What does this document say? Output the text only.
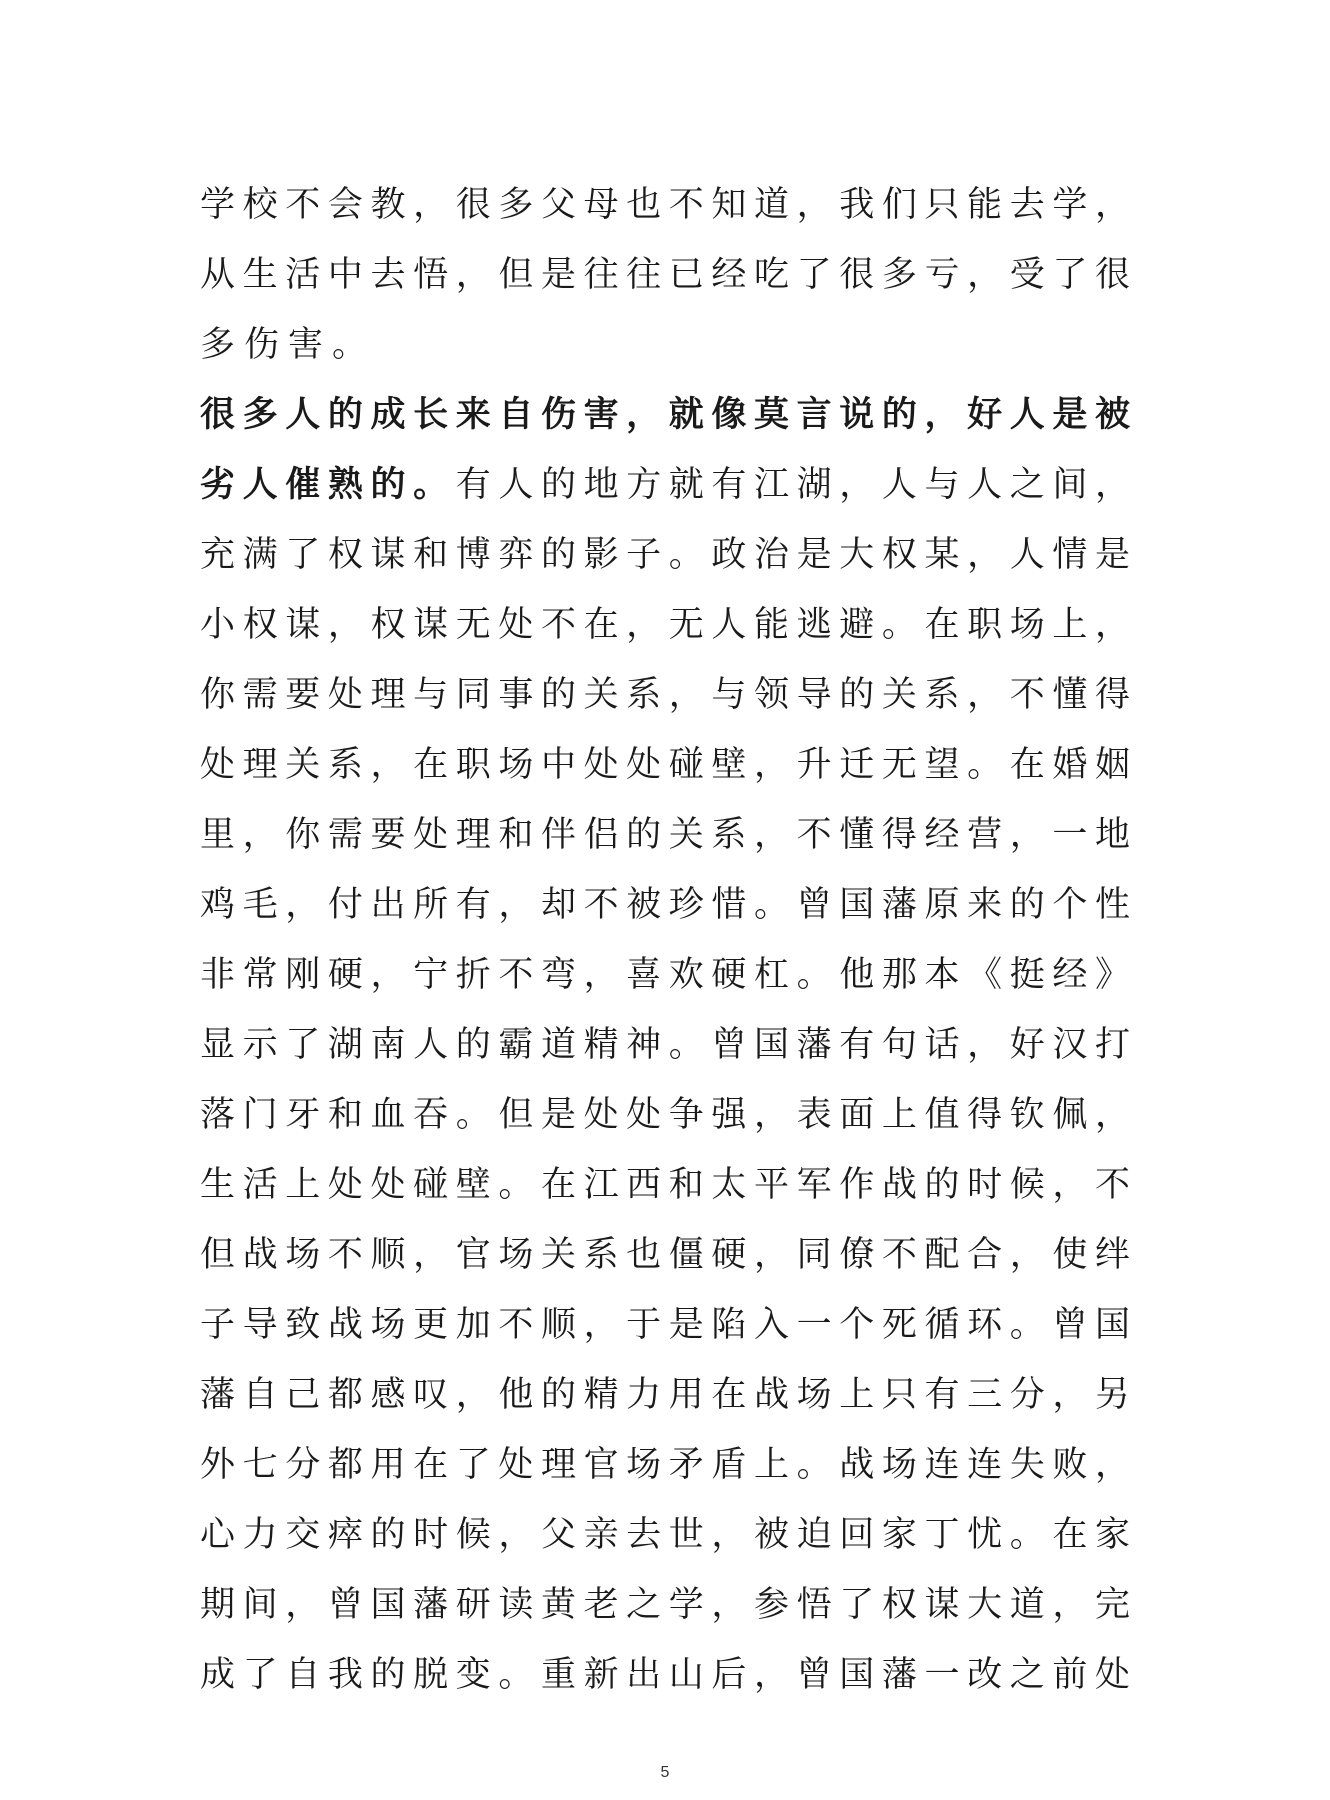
学校不会教，很多父母也不知道，我们只能去学，
从生活中去悟，但是往往已经吃了很多亏，受了很
多伤害。
很多人的成长来自伤害，就像莫言说的，好人是被
劣人催熟的。有人的地方就有江湖，人与人之间，
充满了权谋和博弈的影子。政治是大权某，人情是
小权谋，权谋无处不在，无人能逃避。在职场上，
你需要处理与同事的关系，与领导的关系，不懂得
处理关系，在职场中处处碰壁，升迁无望。在婚姻
里，你需要处理和伴侣的关系，不懂得经营，一地
鸡毛，付出所有，却不被珍惜。曾国藩原来的个性
非常刚硬，宁折不弯，喜欢硬杠。他那本《挺经》
显示了湖南人的霸道精神。曾国藩有句话，好汉打
落门牙和血吞。但是处处争强，表面上值得钦佩，
生活上处处碰壁。在江西和太平军作战的时候，不
但战场不顺，官场关系也僵硬，同僚不配合，使绊
子导致战场更加不顺，于是陷入一个死循环。曾国
藩自己都感叹，他的精力用在战场上只有三分，另
外七分都用在了处理官场矛盾上。战场连连失败，
心力交瘁的时候，父亲去世，被迫回家丁忧。在家
期间，曾国藩研读黄老之学，参悟了权谋大道，完
成了自我的脱变。重新出山后，曾国藩一改之前处
5
